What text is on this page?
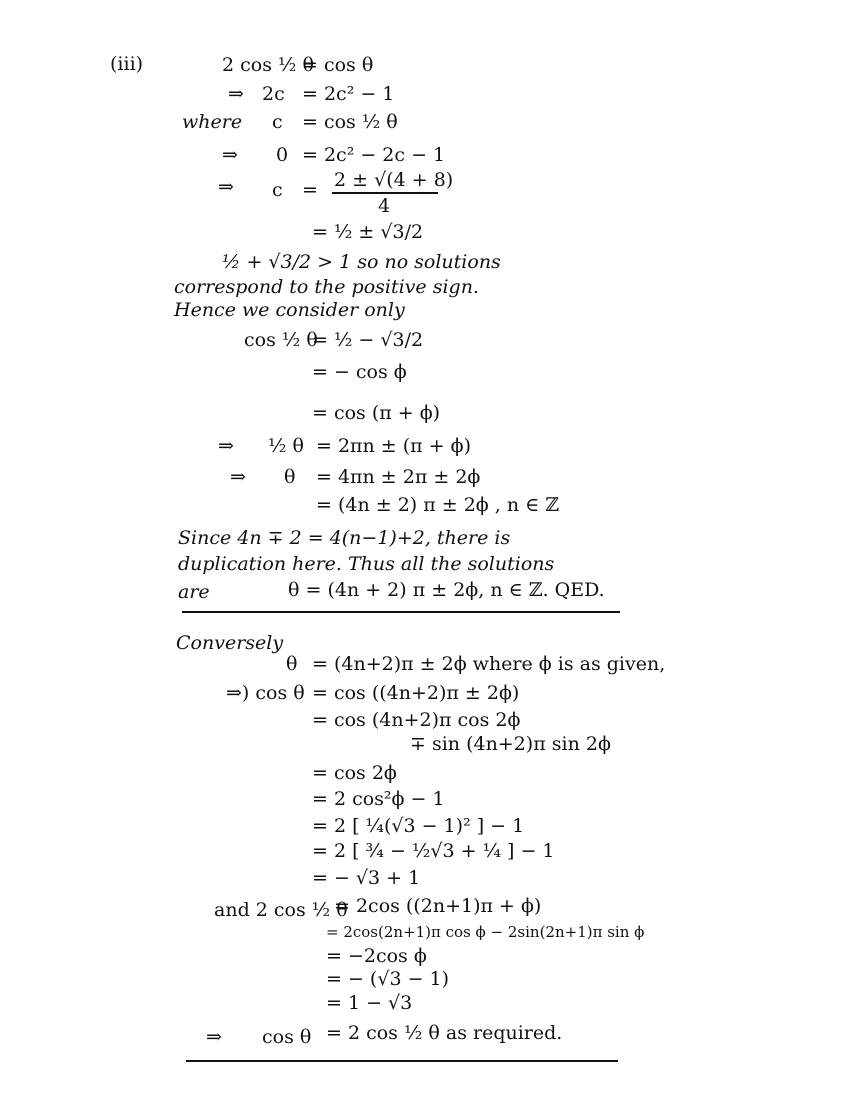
(iii)	2 cos ½ θ
= cos θ
⇒ 2c = 2c² − 1
where c = cos ½ θ
⇒ 0 = 2c² − 2c − 1
⇒ c = 2 ± √(4 + 8)
4
= ½ ± √3/2
½ + √3/2 > 1 so no solutions
correspond to the positive sign.
Hence we consider only
cos ½ θ
= ½ − √3/2
= − cos ϕ
= cos (π + ϕ)
⇒ ½ θ = 2πn ± (π + ϕ)
⇒ θ = 4πn ± 2π ± 2ϕ
= (4n ± 2) π ± 2ϕ , n ∈ ℤ
Since 4n ∓ 2 = 4(n−1)+2, there is
duplication here. Thus all the solutions
are	θ = (4n + 2) π ± 2ϕ, n ∈ ℤ. QED.
Conversely
θ = (4n+2)π ± 2ϕ where ϕ is as given,
⇒) cos θ = cos ((4n+2)π ± 2ϕ)
= cos (4n+2)π cos 2ϕ
∓ sin (4n+2)π sin 2ϕ
= cos 2ϕ
= 2 cos²ϕ − 1
= 2 [ ¼(√3 − 1)² ] − 1
= 2 [ ¾ − ½√3 + ¼ ] − 1
= − √3 + 1
and 2 cos ½ θ
= 2cos ((2n+1)π + ϕ)
= 2cos(2n+1)π cos ϕ − 2sin(2n+1)π sin ϕ
= −2cos ϕ
= − (√3 − 1)
= 1 − √3
⇒ cos θ = 2 cos ½ θ as required.
